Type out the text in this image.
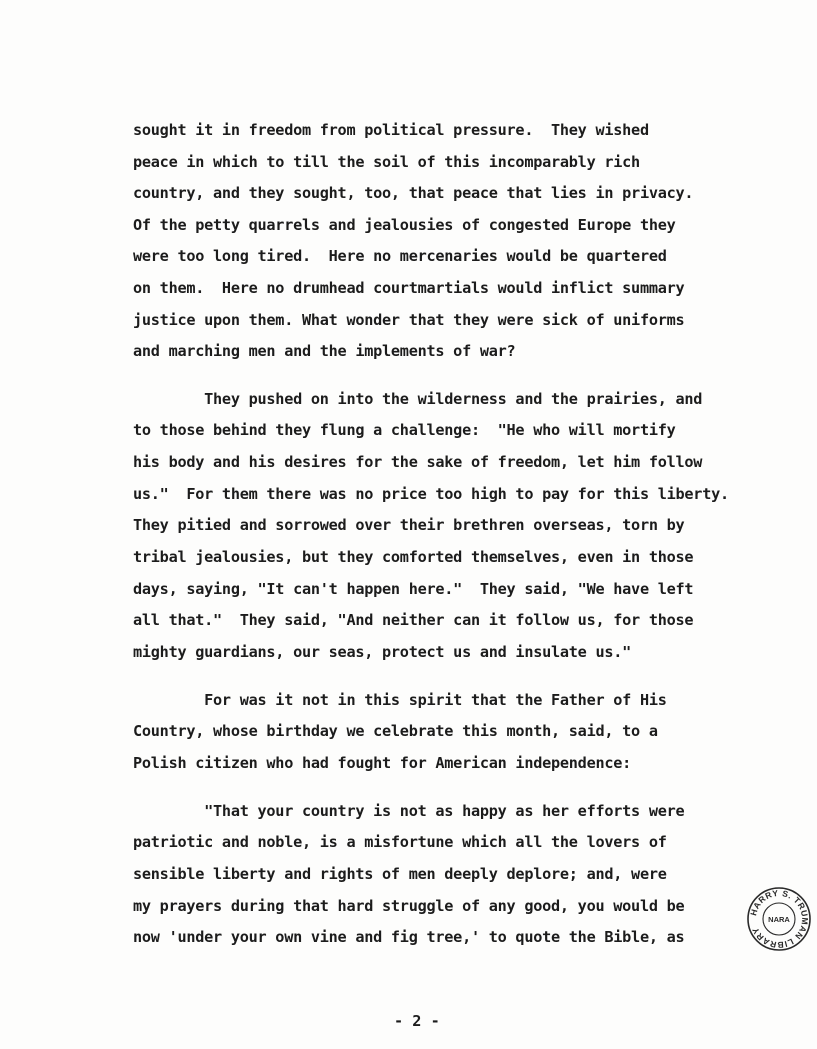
sought it in freedom from political pressure.  They wished
peace in which to till the soil of this incomparably rich
country, and they sought, too, that peace that lies in privacy.
Of the petty quarrels and jealousies of congested Europe they
were too long tired.  Here no mercenaries would be quartered
on them.  Here no drumhead courtmartials would inflict summary
justice upon them. What wonder that they were sick of uniforms
and marching men and the implements of war?
They pushed on into the wilderness and the prairies, and
to those behind they flung a challenge:  "He who will mortify
his body and his desires for the sake of freedom, let him follow
us."  For them there was no price too high to pay for this liberty.
They pitied and sorrowed over their brethren overseas, torn by
tribal jealousies, but they comforted themselves, even in those
days, saying, "It can't happen here."  They said, "We have left
all that."  They said, "And neither can it follow us, for those
mighty guardians, our seas, protect us and insulate us."
For was it not in this spirit that the Father of His
Country, whose birthday we celebrate this month, said, to a
Polish citizen who had fought for American independence:
"That your country is not as happy as her efforts were
patriotic and noble, is a misfortune which all the lovers of
sensible liberty and rights of men deeply deplore; and, were
my prayers during that hard struggle of any good, you would be
now 'under your own vine and fig tree,' to quote the Bible, as
HARRY S. TRUMAN LIBRARY
NARA
- 2 -
